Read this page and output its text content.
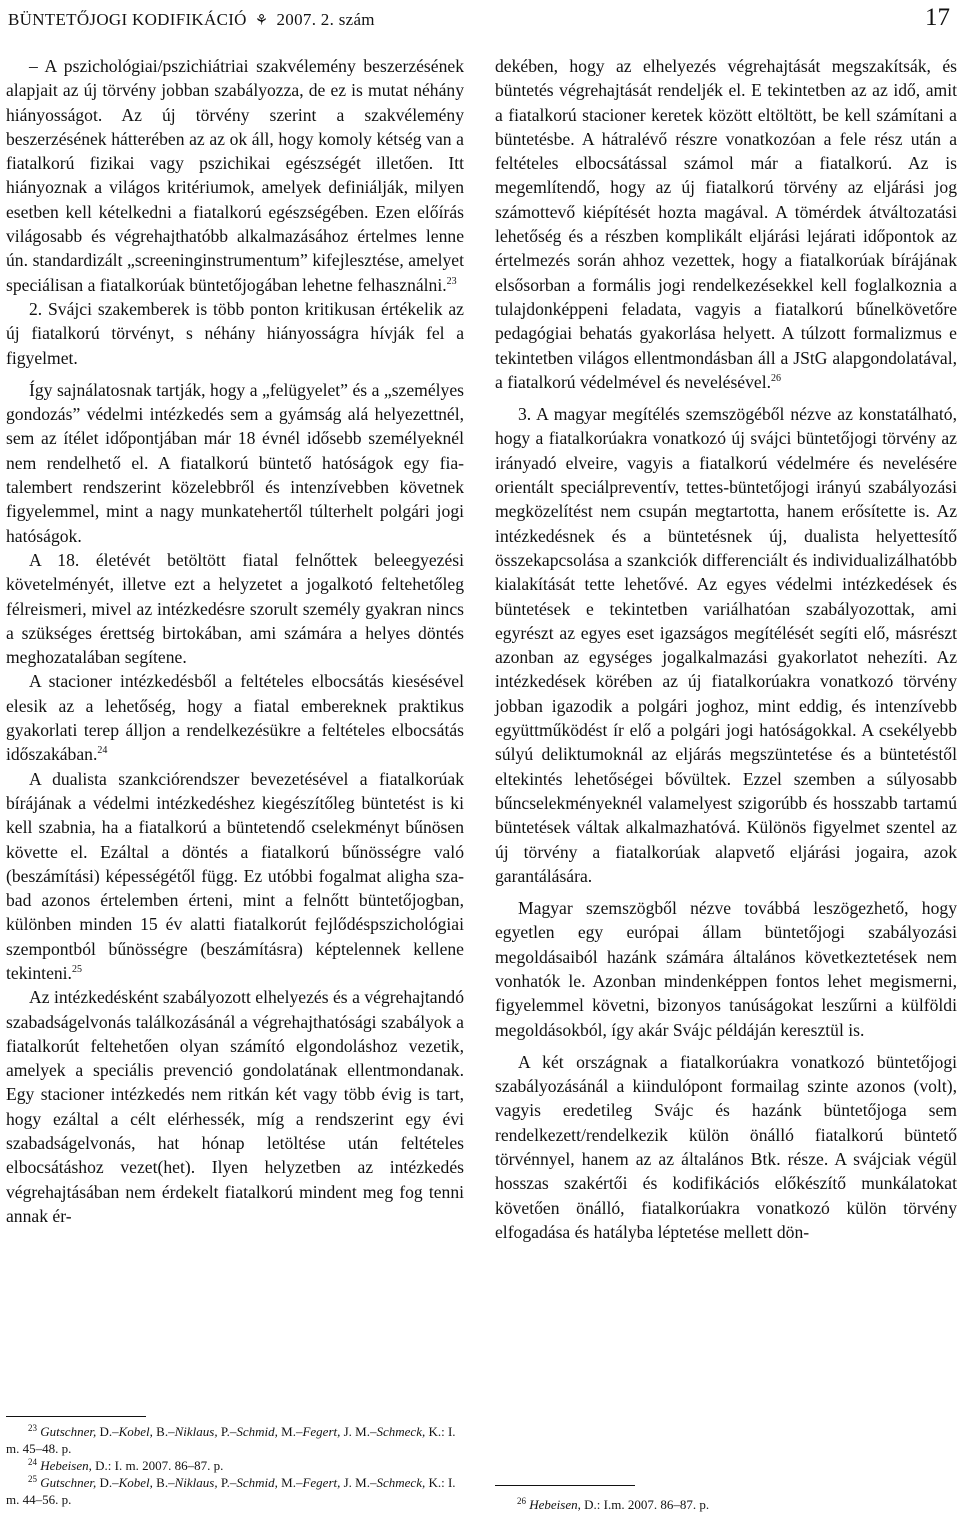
BÜNTETŐJOGI KODIFIKÁCIÓ ⚘ 2007. 2. szám	17

– A pszichológiai/pszichiátriai szakvélemény beszerzésének alapjait az új törvény jobban szabályozza, de ez is mutat néhány hiányosságot. Az új törvény szerint a szakvélemény beszerzésének hátterében az az ok áll, hogy komoly kétség van a fiatalkorú fizikai vagy pszichikai egészségét illetően. Itt hiányoznak a világos kritériumok, amelyek definiálják, milyen esetben kell kételkedni a fiatalkorú egészségében. Ezen előírás világosabb és végrehajthatóbb alkalmazásához értelmes lenne ún. standardizált „screeninginstrumentum” kifejlesztése, amelyet speciálisan a fiatalkorúak büntetőjogában lehetne felhasználni.$^{23}$

2. Svájci szakemberek is több ponton kritikusan értékelik az új fiatalkorú törvényt, s néhány hiányosságra hívják fel a figyelmet.

Így sajnálatosnak tartják, hogy a „felügyelet” és a „személyes gondozás” védelmi intézkedés sem a gyámság alá helyezettnél, sem az ítélet időpontjában már 18 évnél idősebb személyeknél nem rendelhető el. A fiatalkorú büntető hatóságok egy fiatalembert rendszerint közelebbről és intenzívebben követnek figyelemmel, mint a nagy munkatehertől túlterhelt polgári jogi hatóságok.

A 18. életévét betöltött fiatal felnőttek beleegyezési követelményét, illetve ezt a helyzetet a jogalkotó feltehetőleg félreismeri, mivel az intézkedésre szorult személy gyakran nincs a szükséges érettség birtokában, ami számára a helyes döntés meghozatalában segítene.

A stacioner intézkedésből a feltételes elbocsátás kiesésével elesik az a lehetőség, hogy a fiatal embereknek praktikus gyakorlati terep álljon a rendelkezésükre a feltételes elbocsátás időszakában.$^{24}$

A dualista szankciórendszer bevezetésével a fiatalkorúak bírájának a védelmi intézkedéshez kiegészítőleg büntetést is ki kell szabnia, ha a fiatalkorú a büntetendő cselekményt bűnösen követte el. Ezáltal a döntés a fiatalkorú bűnösségre való (beszámítási) képességétől függ. Ez utóbbi fogalmat aligha szabad azonos értelemben érteni, mint a felnőtt büntetőjogban, különben minden 15 év alatti fiatalkorút fejlődéspszichológiai szempontból bűnösségre (beszámításra) képtelennek kellene tekinteni.$^{25}$

Az intézkedésként szabályozott elhelyezés és a végrehajtandó szabadságelvonás találkozásánál a végrehajthatósági szabályok a fiatalkorút feltehetően olyan számító elgondoláshoz vezetik, amelyek a speciális prevenció gondolatának ellentmondanak. Egy stacioner intézkedés nem ritkán két vagy több évig is tart, hogy ezáltal a célt elérhessék, míg a rendszerint egy évi szabadságelvonás, hat hónap letöltése után feltételes elbocsátáshoz vezet(het). Ilyen helyzetben az intézkedés végrehajtásában nem érdekelt fiatalkorú mindent meg fog tenni annak ér-

dekében, hogy az elhelyezés végrehajtását megszakítsák, és büntetés végrehajtását rendeljék el. E tekintetben az az idő, amit a fiatalkorú stacioner keretek között eltöltött, be kell számítani a büntetésbe. A hátralévő részre vonatkozóan a fele rész után a feltételes elbocsátással számol már a fiatalkorú. Az is megemlítendő, hogy az új fiatalkorú törvény az eljárási jog számottevő kiépítését hozta magával. A tömérdek átváltozatási lehetőség és a részben komplikált eljárási lejárati időpontok az értelmezés során ahhoz vezettek, hogy a fiatalkorúak bírájának elsősorban a formális jogi rendelkezésekkel kell foglalkoznia a tulajdonképpeni feladata, vagyis a fiatalkorú bűnelkövetőre pedagógiai behatás gyakorlása helyett. A túlzott formalizmus e tekintetben világos ellentmondásban áll a JStG alapgondolatával, a fiatalkorú védelmével és nevelésével.$^{26}$

3. A magyar megítélés szemszögéből nézve az konstatálható, hogy a fiatalkorúakra vonatkozó új svájci büntetőjogi törvény az irányadó elveire, vagyis a fiatalkorú védelmére és nevelésére orientált speciálpreventív, tettes-büntetőjogi irányú szabályozási megközelítést nem csupán megtartotta, hanem erősítette is. Az intézkedésnek és a büntetésnek új, dualista helyettesítő összekapcsolása a szankciók differenciált és individualizálhatóbb kialakítását tette lehetővé. Az egyes védelmi intézkedések és büntetések e tekintetben variálhatóan szabályozottak, ami egyrészt az egyes eset igazságos megítélését segíti elő, másrészt azonban az egységes jogalkalmazási gyakorlatot nehezíti. Az intézkedések körében az új fiatalkorúakra vonatkozó törvény jobban igazodik a polgári joghoz, mint eddig, és intenzívebb együttműködést ír elő a polgári jogi hatóságokkal. A csekélyebb súlyú deliktumoknál az eljárás megszüntetése és a büntetéstől eltekintés lehetőségei bővültek. Ezzel szemben a súlyosabb bűncselekményeknél valamelyest szigorúbb és hosszabb tartamú büntetések váltak alkalmazhatóvá. Különös figyelmet szentel az új törvény a fiatalkorúak alapvető eljárási jogaira, azok garantálására.

Magyar szemszögből nézve továbbá leszögezhető, hogy egyetlen egy európai állam büntetőjogi szabályozási megoldásaiból hazánk számára általános következtetések nem vonhatók le. Azonban mindenképpen fontos lehet megismerni, figyelemmel követni, bizonyos tanúságokat leszűrni a külföldi megoldásokból, így akár Svájc példáján keresztül is.

A két országnak a fiatalkorúakra vonatkozó büntetőjogi szabályozásánál a kiindulópont formailag szinte azonos (volt), vagyis eredetileg Svájc és hazánk büntetőjoga sem rendelkezett/rendelkezik külön önálló fiatalkorú büntető törvénnyel, hanem az az általános Btk. része. A svájciak végül hosszas szakértői és kodifikációs előkészítő munkálatokat követően önálló, fiatalkorúakra vonatkozó külön törvény elfogadása és hatályba léptetése mellett dön-

$^{23}$ Gutschner, D.–Kobel, B.–Niklaus, P.–Schmid, M.–Fegert, J. M.–Schmeck, K.: I. m. 45–48. p.

$^{24}$ Hebeisen, D.: I. m. 2007. 86–87. p.

$^{25}$ Gutschner, D.–Kobel, B.–Niklaus, P.–Schmid, M.–Fegert, J. M.–Schmeck, K.: I. m. 44–56. p.	$^{26}$ Hebeisen, D.: I.m. 2007. 86–87. p.
